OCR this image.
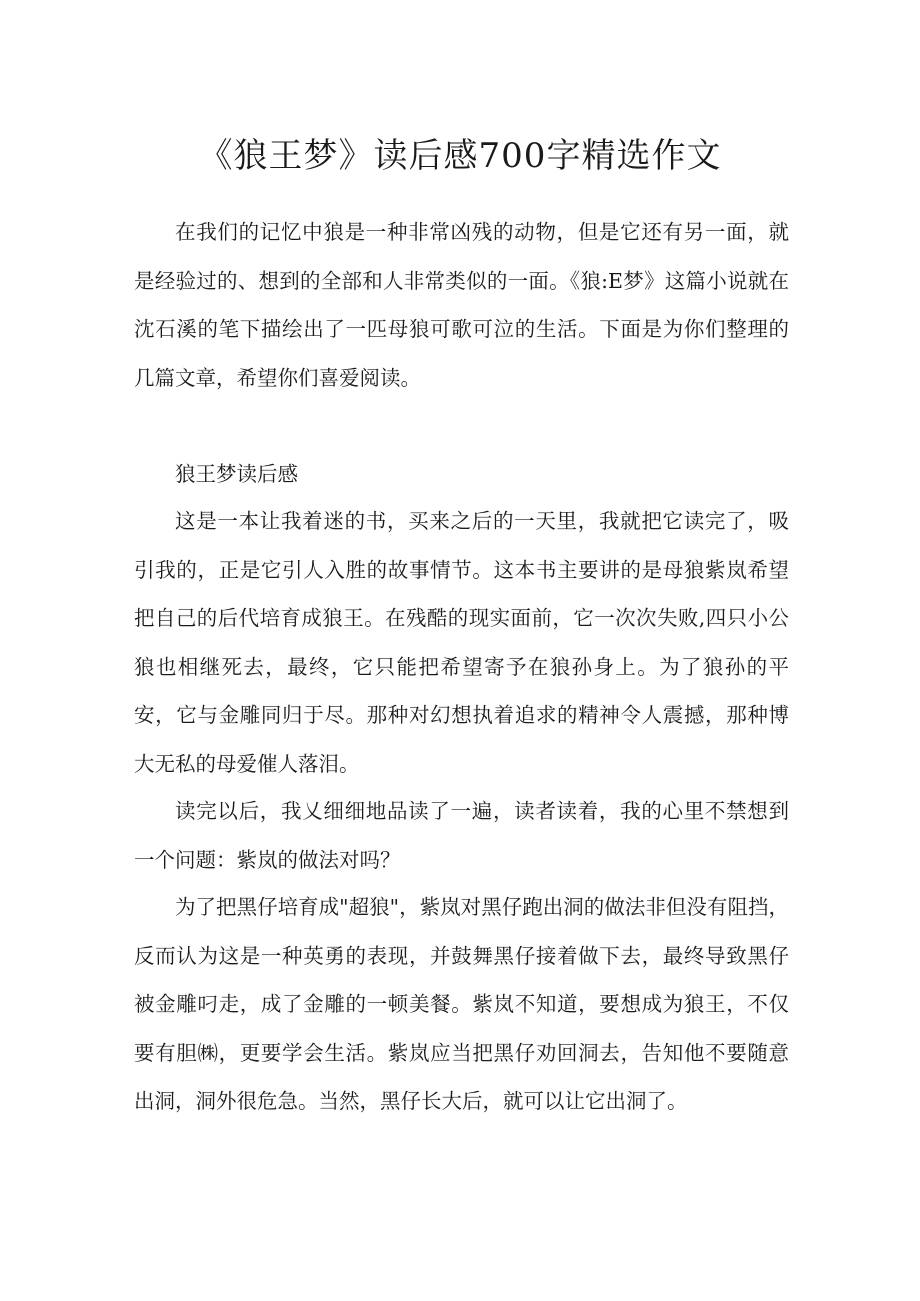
《狼王梦》读后感700字精选作文

在我们的记忆中狼是一种非常凶残的动物，但是它还有另一面，就是经验过的、想到的全部和人非常类似的一面。《狼:E梦》这篇小说就在沈石溪的笔下描绘出了一匹母狼可歌可泣的生活。下面是为你们整理的几篇文章，希望你们喜爱阅读。

狼王梦读后感

这是一本让我着迷的书，买来之后的一天里，我就把它读完了，吸引我的，正是它引人入胜的故事情节。这本书主要讲的是母狼紫岚希望把自己的后代培育成狼王。在残酷的现实面前，它一次次失败,四只小公狼也相继死去，最终，它只能把希望寄予在狼孙身上。为了狼孙的平安，它与金雕同归于尽。那种对幻想执着追求的精神令人震撼，那种博大无私的母爱催人落泪。

读完以后，我乂细细地品读了一遍，读者读着，我的心里不禁想到一个问题：紫岚的做法对吗？

为了把黑仔培育成"超狼"，紫岚对黑仔跑出洞的做法非但没有阻挡，反而认为这是一种英勇的表现，并鼓舞黑仔接着做下去，最终导致黑仔被金雕叼走，成了金雕的一顿美餐。紫岚不知道，要想成为狼王，不仅要有胆㈱，更要学会生活。紫岚应当把黑仔劝回洞去，告知他不要随意出洞，洞外很危急。当然，黑仔长大后，就可以让它出洞了。
